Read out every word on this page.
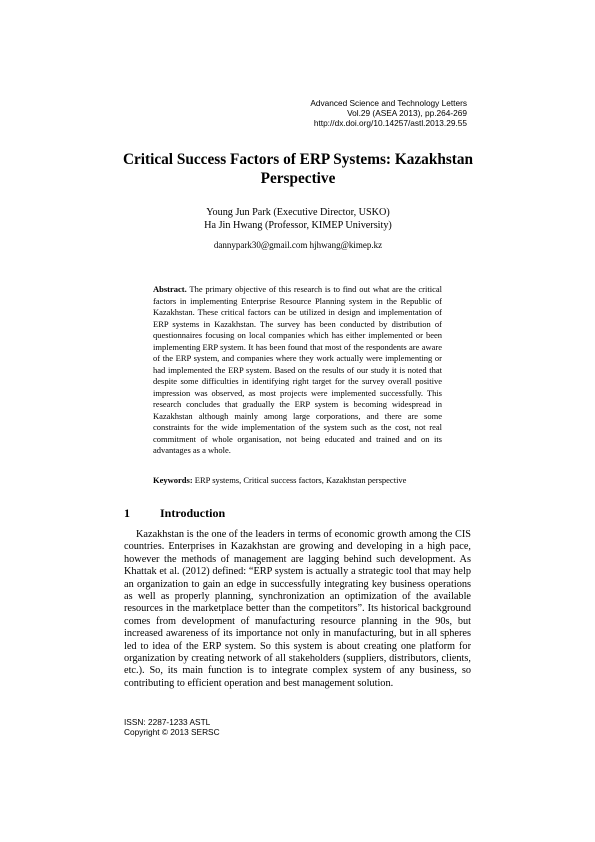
Advanced Science and Technology Letters
Vol.29 (ASEA 2013), pp.264-269
http://dx.doi.org/10.14257/astl.2013.29.55
Critical Success Factors of ERP Systems: Kazakhstan Perspective
Young Jun Park (Executive Director, USKO)
Ha Jin Hwang (Professor, KIMEP University)
dannypark30@gmail.com hjhwang@kimep.kz
Abstract. The primary objective of this research is to find out what are the critical factors in implementing Enterprise Resource Planning system in the Republic of Kazakhstan. These critical factors can be utilized in design and implementation of ERP systems in Kazakhstan. The survey has been conducted by distribution of questionnaires focusing on local companies which has either implemented or been implementing ERP system. It has been found that most of the respondents are aware of the ERP system, and companies where they work actually were implementing or had implemented the ERP system. Based on the results of our study it is noted that despite some difficulties in identifying right target for the survey overall positive impression was observed, as most projects were implemented successfully. This research concludes that gradually the ERP system is becoming widespread in Kazakhstan although mainly among large corporations, and there are some constraints for the wide implementation of the system such as the cost, not real commitment of whole organisation, not being educated and trained and on its advantages as a whole.
Keywords: ERP systems, Critical success factors, Kazakhstan perspective
1	Introduction
Kazakhstan is the one of the leaders in terms of economic growth among the CIS countries. Enterprises in Kazakhstan are growing and developing in a high pace, however the methods of management are lagging behind such development. As Khattak et al. (2012) defined: “ERP system is actually a strategic tool that may help an organization to gain an edge in successfully integrating key business operations as well as properly planning, synchronization an optimization of the available resources in the marketplace better than the competitors”. Its historical background comes from development of manufacturing resource planning in the 90s, but increased awareness of its importance not only in manufacturing, but in all spheres led to idea of the ERP system. So this system is about creating one platform for organization by creating network of all stakeholders (suppliers, distributors, clients, etc.). So, its main function is to integrate complex system of any business, so contributing to efficient operation and best management solution.
ISSN: 2287-1233 ASTL
Copyright © 2013 SERSC
